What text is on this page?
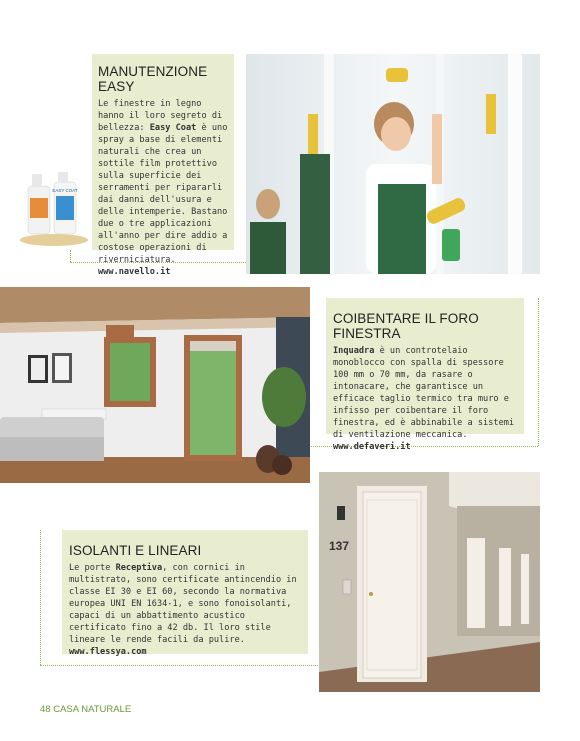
MANUTENZIONE EASY

Le finestre in legno hanno il loro segreto di bellezza: Easy Coat è uno spray a base di elementi naturali che crea un sottile film protettivo sulla superficie dei serramenti per ripararli dai danni dell'usura e delle intemperie. Bastano due o tre applicazioni all'anno per dire addio a costose operazioni di riverniciatura.
www.navello.it

EASY COAT
COIBENTARE IL FORO FINESTRA

Inquadra è un controtelaio monoblocco con spalla di spessore 100 mm o 70 mm, da rasare o intonacare, che garantisce un efficace taglio termico tra muro e infisso per coibentare il foro finestra, ed è abbinabile a sistemi di ventilazione meccanica.
www.defaveri.it

137
ISOLANTI E LINEARI

Le porte Receptiva, con cornici in multistrato, sono certificate antincendio in classe EI 30 e EI 60, secondo la normativa europea UNI EN 1634-1, e sono fonoisolanti, capaci di un abbattimento acustico certificato fino a 42 db. Il loro stile lineare le rende facili da pulire.
www.flessya.com

48 CASA NATURALE
